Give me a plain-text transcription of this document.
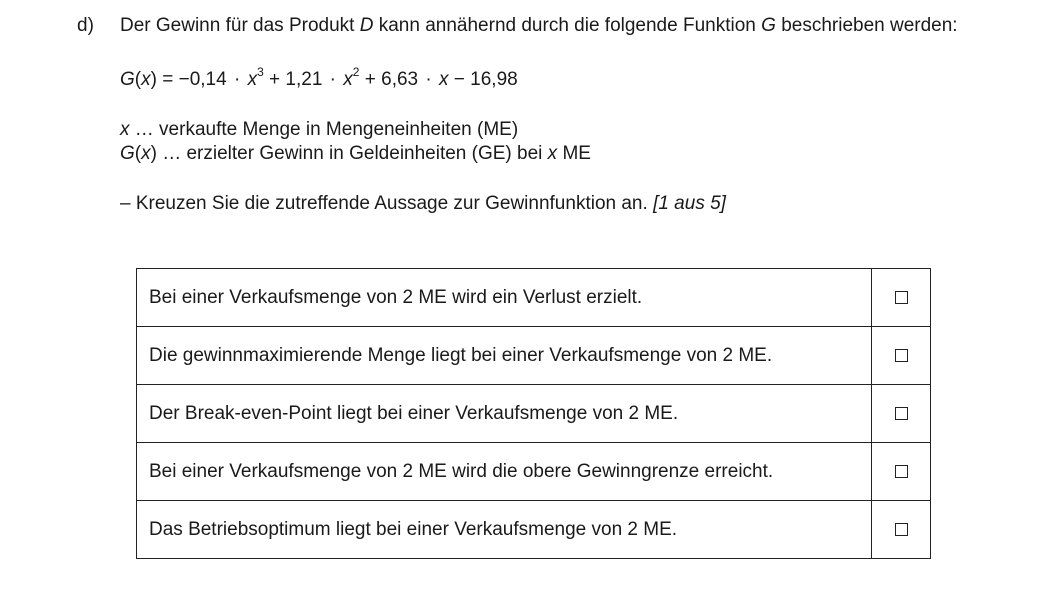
d) Der Gewinn für das Produkt D kann annähernd durch die folgende Funktion G beschrieben werden:

$G(x) = -0,14 \cdot x^3 + 1,21 \cdot x^2 + 6,63 \cdot x - 16,98$

x … verkaufte Menge in Mengeneinheiten (ME)
G(x) … erzielter Gewinn in Geldeinheiten (GE) bei x ME

– Kreuzen Sie die zutreffende Aussage zur Gewinnfunktion an. [1 aus 5]

Bei einer Verkaufsmenge von 2 ME wird ein Verlust erzielt.	
Die gewinnmaximierende Menge liegt bei einer Verkaufsmenge von 2 ME.	
Der Break-even-Point liegt bei einer Verkaufsmenge von 2 ME.	
Bei einer Verkaufsmenge von 2 ME wird die obere Gewinngrenze erreicht.	
Das Betriebsoptimum liegt bei einer Verkaufsmenge von 2 ME.	
